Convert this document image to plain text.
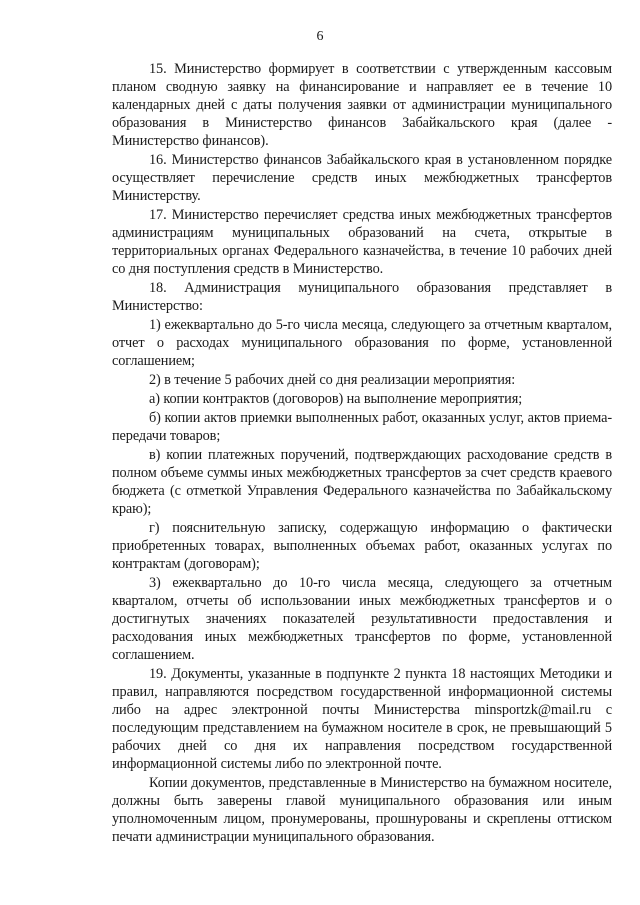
6

15. Министерство формирует в соответствии с утвержденным кассовым планом сводную заявку на финансирование и направляет ее в течение 10 календарных дней с даты получения заявки от администрации муниципального образования в Министерство финансов Забайкальского края (далее - Министерство финансов).

16. Министерство финансов Забайкальского края в установленном порядке осуществляет перечисление средств иных межбюджетных трансфертов Министерству.

17. Министерство перечисляет средства иных межбюджетных трансфертов администрациям муниципальных образований на счета, открытые в территориальных органах Федерального казначейства, в течение 10 рабочих дней со дня поступления средств в Министерство.

18. Администрация муниципального образования представляет в Министерство:

1) ежеквартально до 5-го числа месяца, следующего за отчетным кварталом, отчет о расходах муниципального образования по форме, установленной соглашением;

2) в течение 5 рабочих дней со дня реализации мероприятия:

а) копии контрактов (договоров) на выполнение мероприятия;

б) копии актов приемки выполненных работ, оказанных услуг, актов приема-передачи товаров;

в) копии платежных поручений, подтверждающих расходование средств в полном объеме суммы иных межбюджетных трансфертов за счет средств краевого бюджета (с отметкой Управления Федерального казначейства по Забайкальскому краю);

г) пояснительную записку, содержащую информацию о фактически приобретенных товарах, выполненных объемах работ, оказанных услугах по контрактам (договорам);

3) ежеквартально до 10-го числа месяца, следующего за отчетным кварталом, отчеты об использовании иных межбюджетных трансфертов и о достигнутых значениях показателей результативности предоставления и расходования иных межбюджетных трансфертов по форме, установленной соглашением.

19. Документы, указанные в подпункте 2 пункта 18 настоящих Методики и правил, направляются посредством государственной информационной системы либо на адрес электронной почты Министерства minsportzk@mail.ru с последующим представлением на бумажном носителе в срок, не превышающий 5 рабочих дней со дня их направления посредством государственной информационной системы либо по электронной почте.

Копии документов, представленные в Министерство на бумажном носителе, должны быть заверены главой муниципального образования или иным уполномоченным лицом, пронумерованы, прошнурованы и скреплены оттиском печати администрации муниципального образования.
